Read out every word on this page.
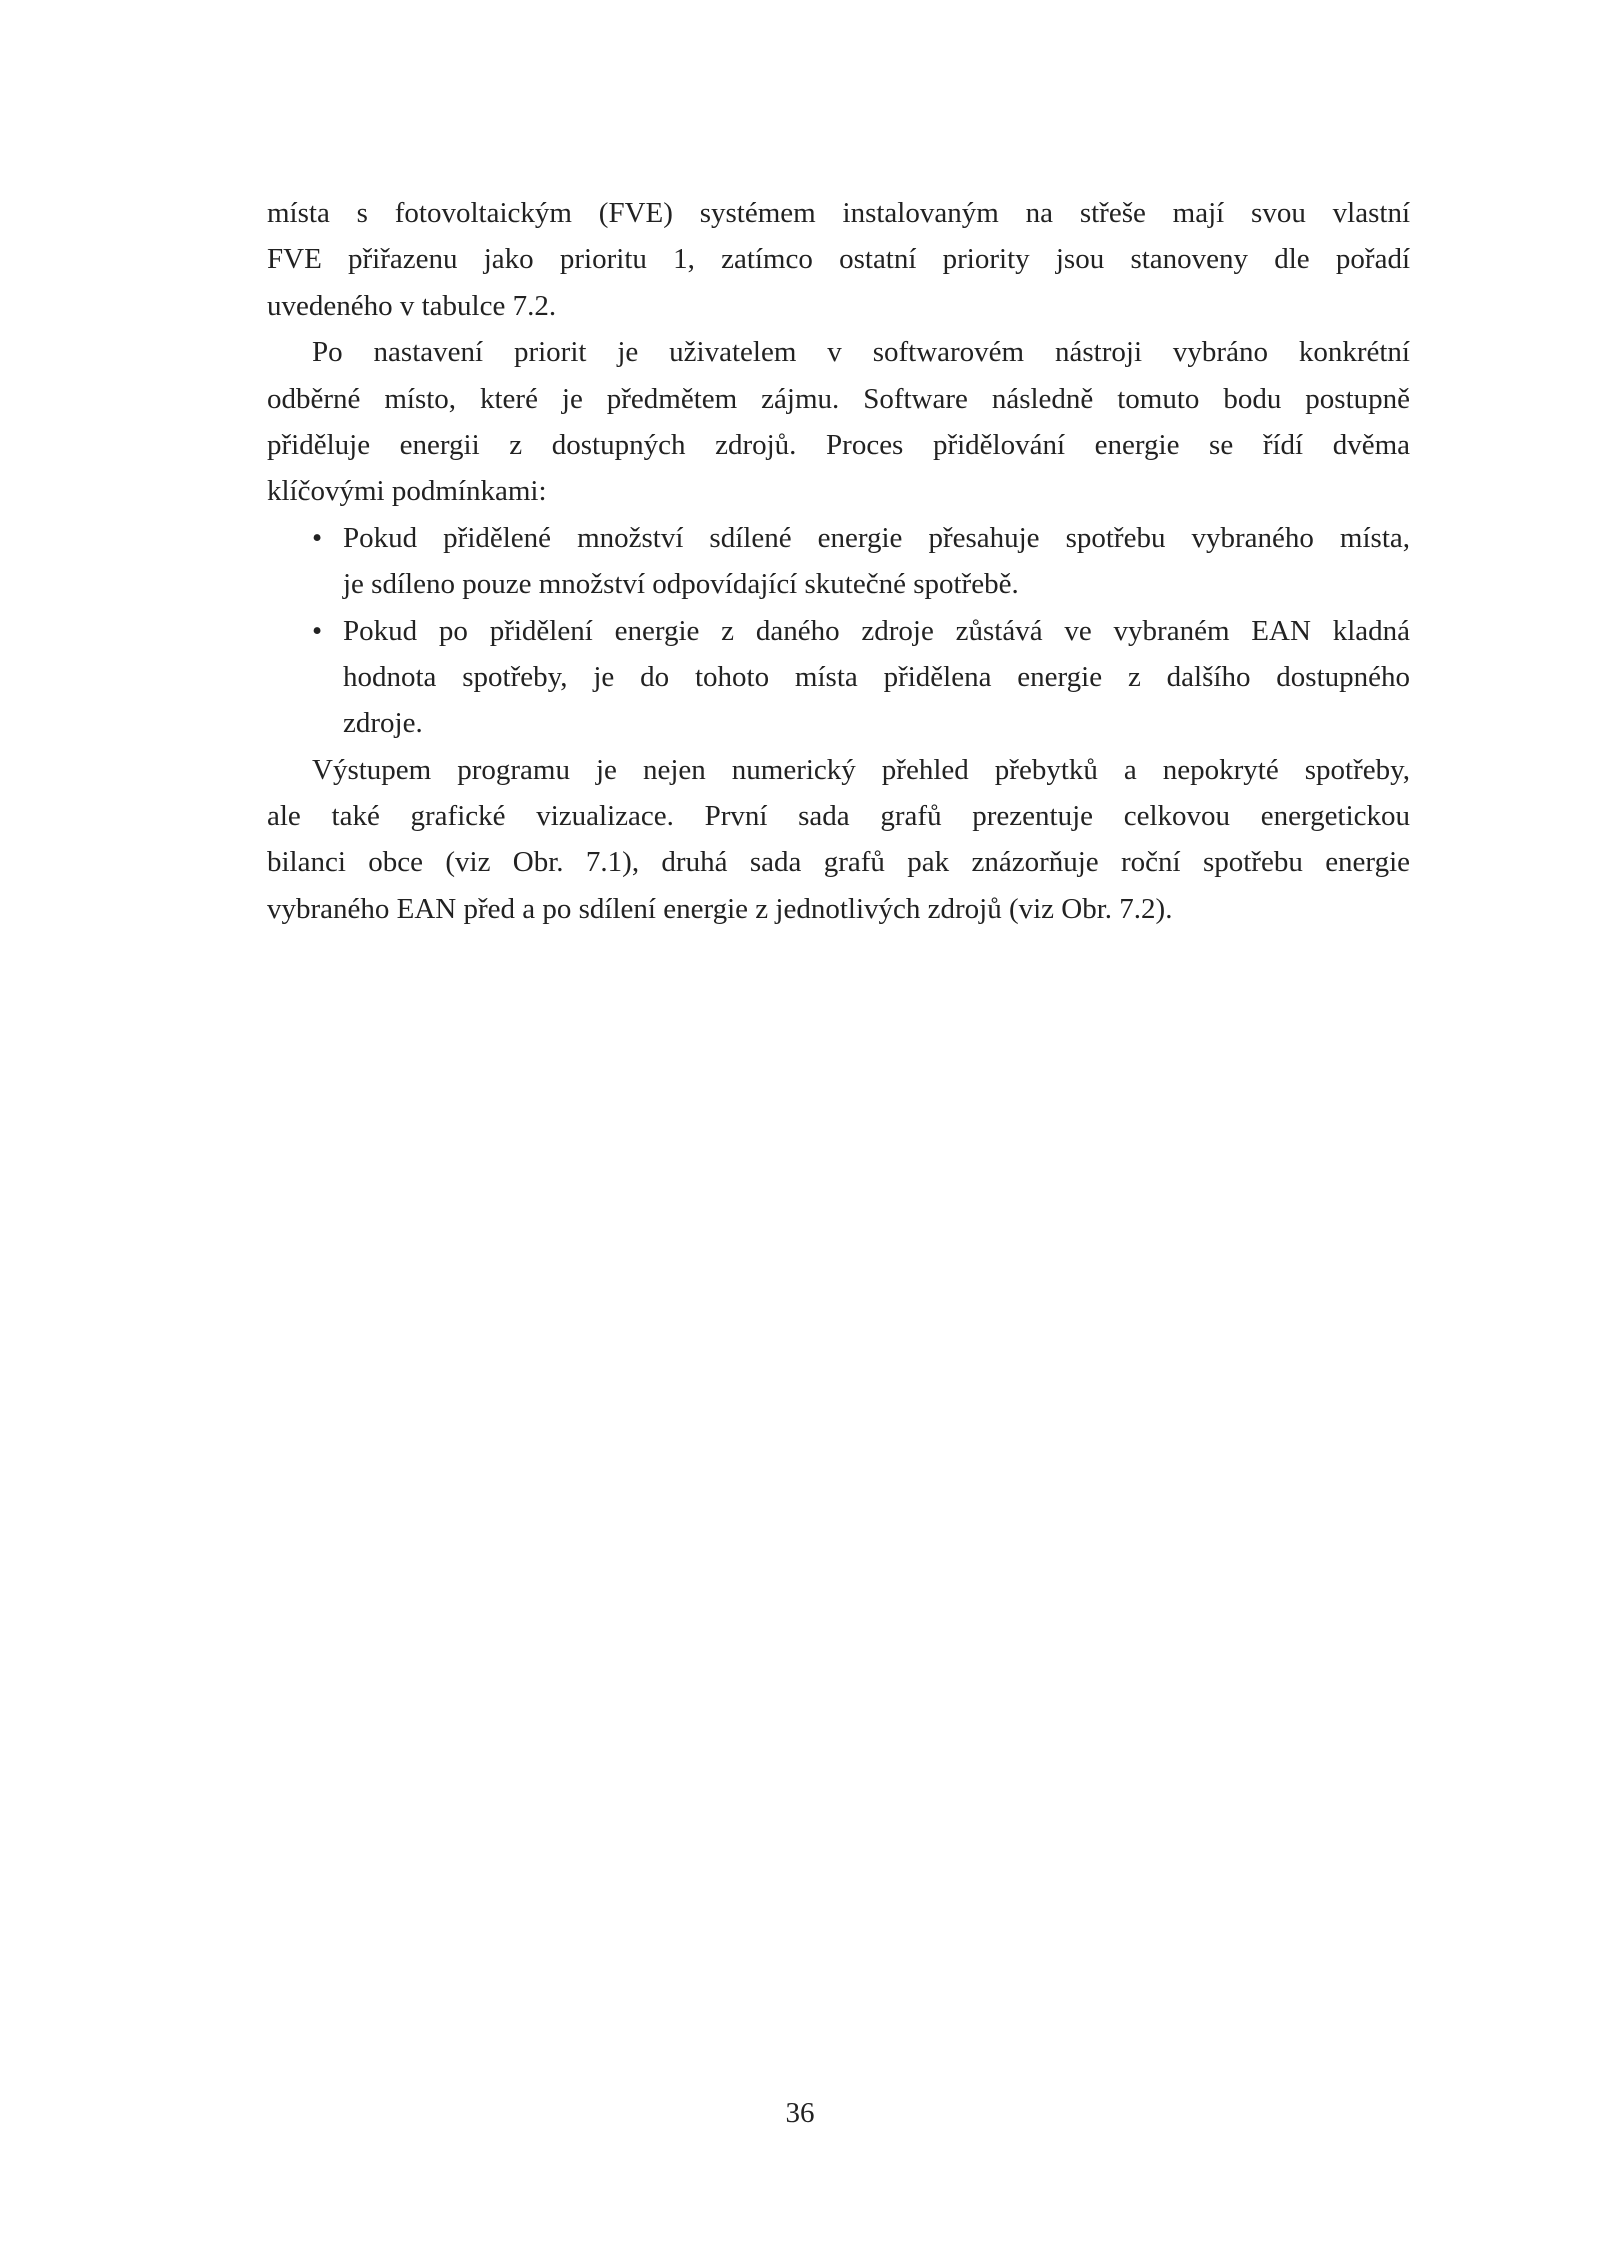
místa s fotovoltaickým (FVE) systémem instalovaným na střeše mají svou vlastní
FVE přiřazenu jako prioritu 1, zatímco ostatní priority jsou stanoveny dle pořadí
uvedeného v tabulce 7.2.
Po nastavení priorit je uživatelem v softwarovém nástroji vybráno konkrétní
odběrné místo, které je předmětem zájmu. Software následně tomuto bodu postupně
přiděluje energii z dostupných zdrojů. Proces přidělování energie se řídí dvěma
klíčovými podmínkami:
• Pokud přidělené množství sdílené energie přesahuje spotřebu vybraného místa,
je sdíleno pouze množství odpovídající skutečné spotřebě.
• Pokud po přidělení energie z daného zdroje zůstává ve vybraném EAN kladná
hodnota spotřeby, je do tohoto místa přidělena energie z dalšího dostupného
zdroje.
Výstupem programu je nejen numerický přehled přebytků a nepokryté spotřeby,
ale také grafické vizualizace. První sada grafů prezentuje celkovou energetickou
bilanci obce (viz Obr. 7.1), druhá sada grafů pak znázorňuje roční spotřebu energie
vybraného EAN před a po sdílení energie z jednotlivých zdrojů (viz Obr. 7.2).
36
